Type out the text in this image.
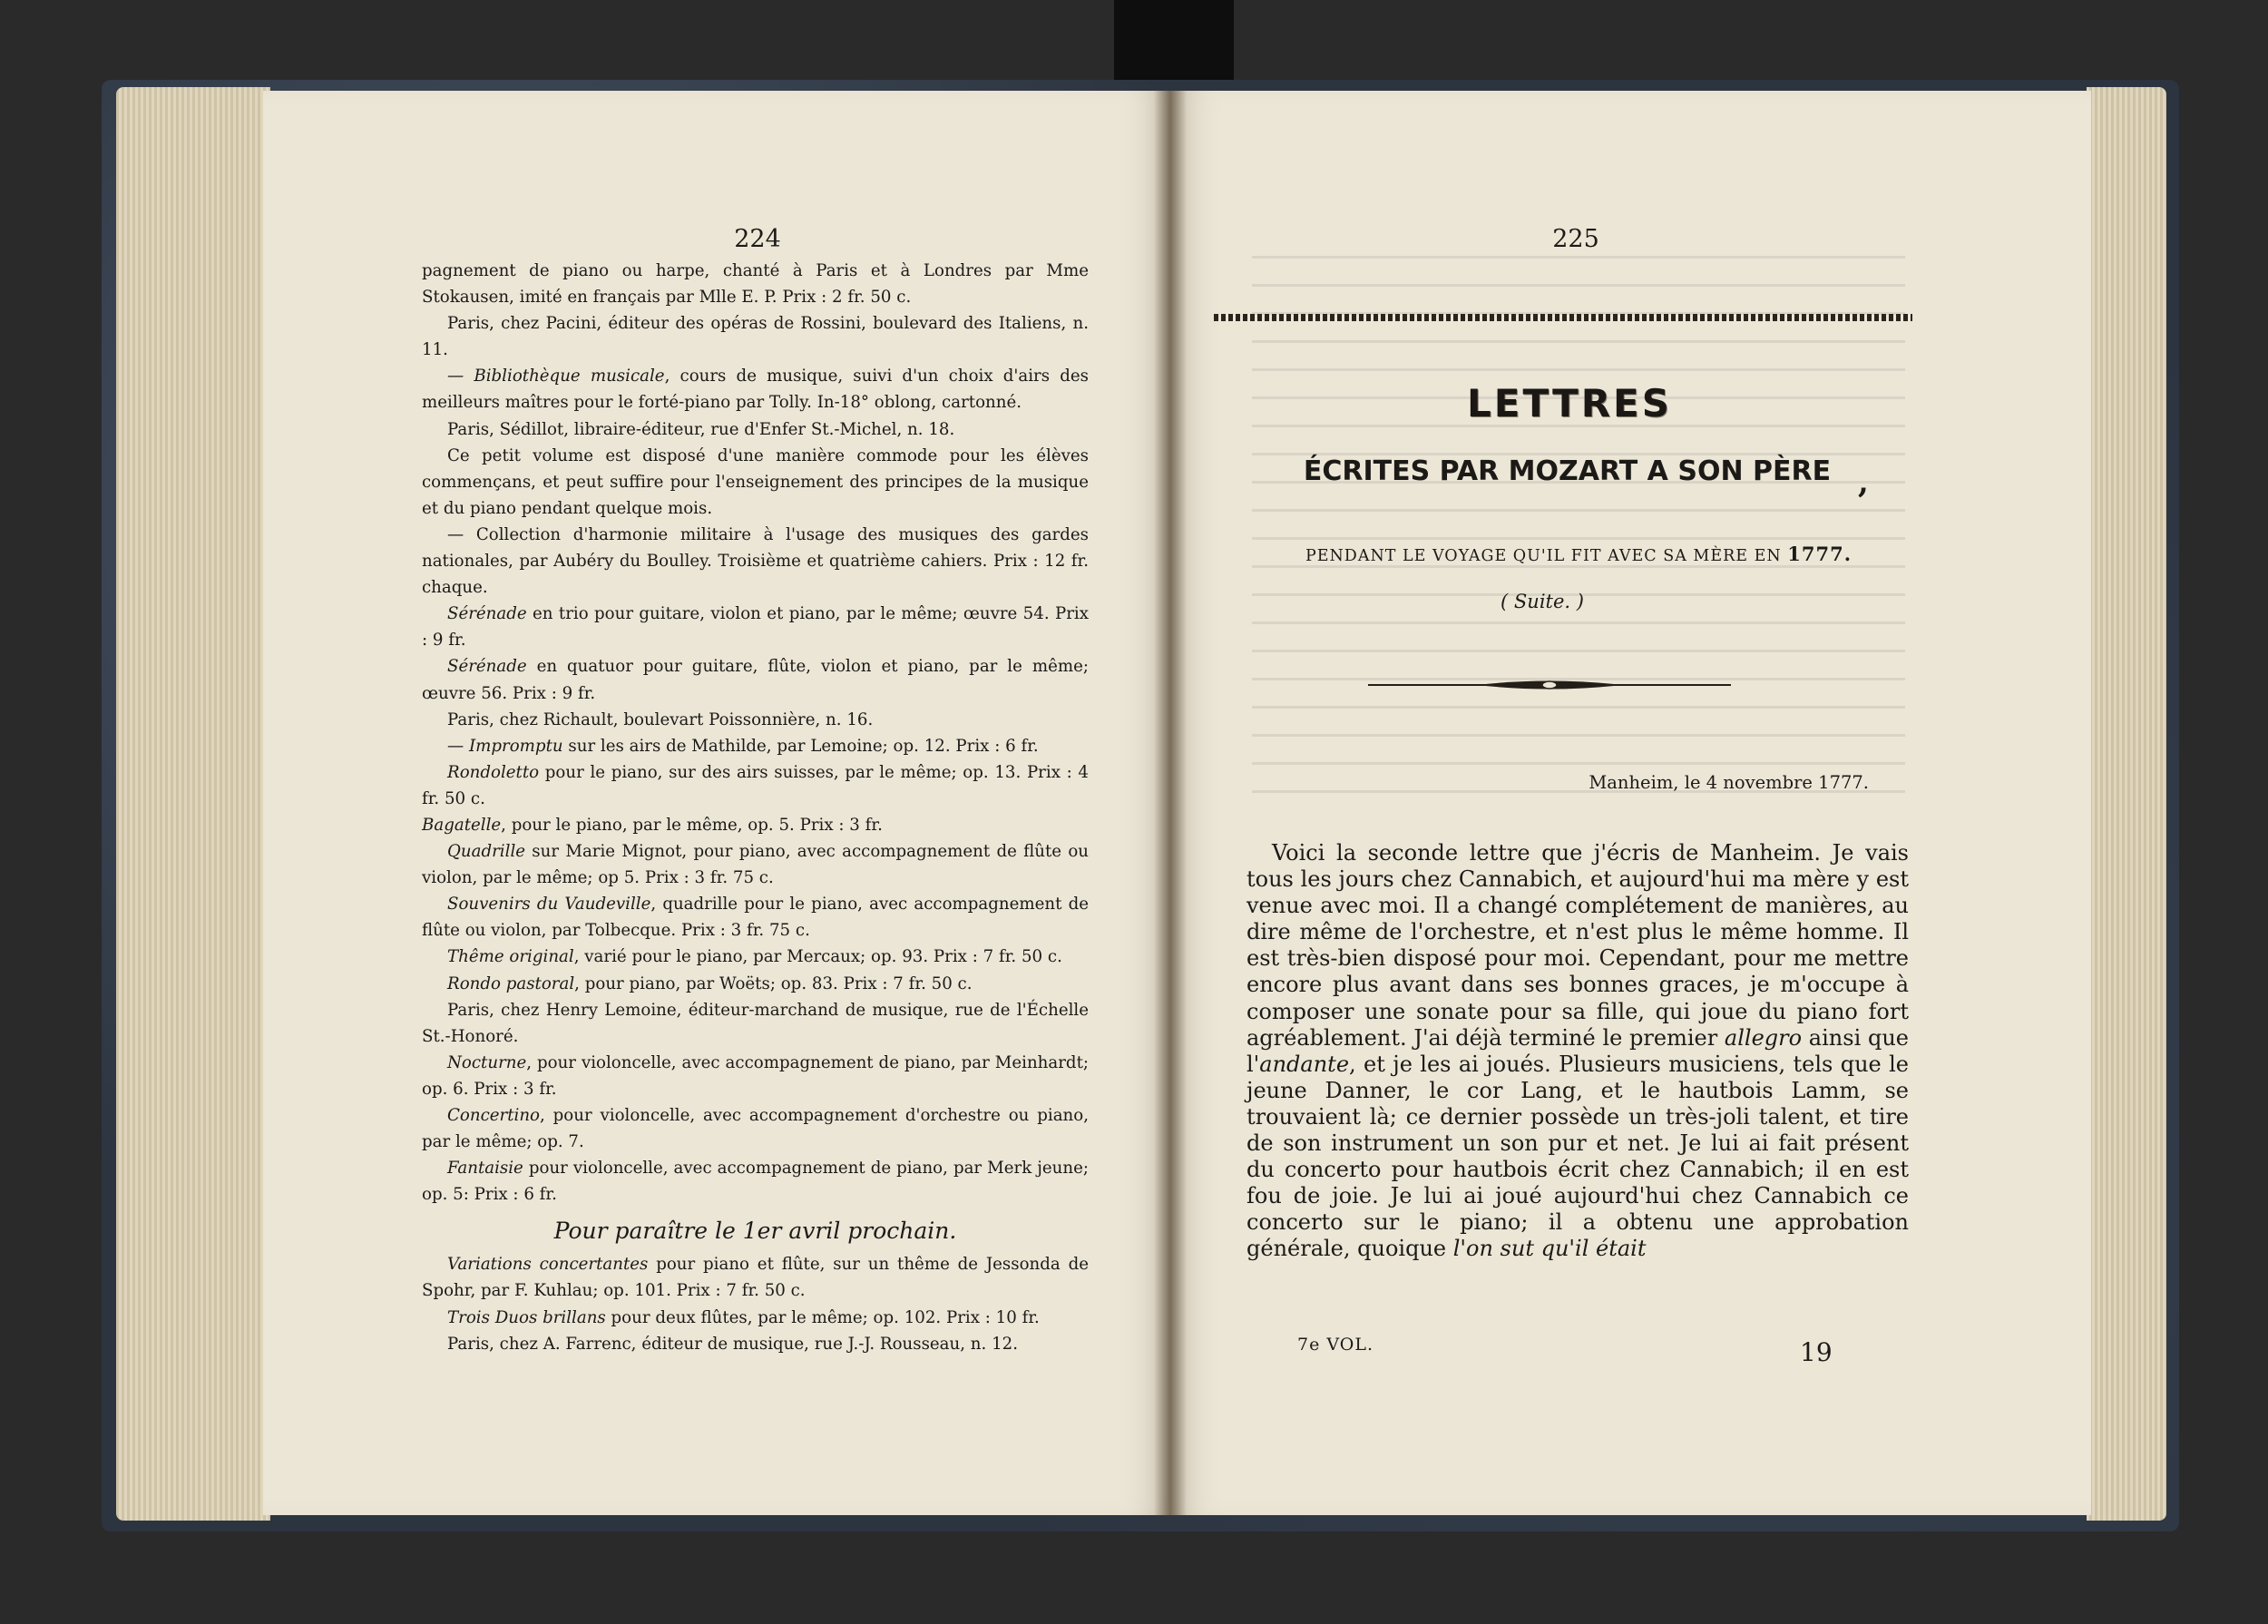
224	225

pagnement de piano ou harpe, chanté à Paris et à Londres par Mme Stokausen, imité en français par Mlle E. P. Prix : 2 fr. 50 c.

Paris, chez Pacini, éditeur des opéras de Rossini, boulevard des Italiens, n. 11.

— Bibliothèque musicale, cours de musique, suivi d'un choix d'airs des meilleurs maîtres pour le forté-piano par Tolly. In-18° oblong, cartonné.

Paris, Sédillot, libraire-éditeur, rue d'Enfer St.-Michel, n. 18.

Ce petit volume est disposé d'une manière commode pour les élèves commençans, et peut suffire pour l'enseignement des principes de la musique et du piano pendant quelque mois.

— Collection d'harmonie militaire à l'usage des musiques des gardes nationales, par Aubéry du Boulley. Troisième et quatrième cahiers. Prix : 12 fr. chaque.

Sérénade en trio pour guitare, violon et piano, par le même; œuvre 54. Prix : 9 fr.

Sérénade en quatuor pour guitare, flûte, violon et piano, par le même; œuvre 56. Prix : 9 fr.

Paris, chez Richault, boulevart Poissonnière, n. 16.

— Impromptu sur les airs de Mathilde, par Lemoine; op. 12. Prix : 6 fr.

Rondoletto pour le piano, sur des airs suisses, par le même; op. 13. Prix : 4 fr. 50 c.

Bagatelle, pour le piano, par le même, op. 5. Prix : 3 fr.

Quadrille sur Marie Mignot, pour piano, avec accompagnement de flûte ou violon, par le même; op 5. Prix : 3 fr. 75 c.

Souvenirs du Vaudeville, quadrille pour le piano, avec accompagnement de flûte ou violon, par Tolbecque. Prix : 3 fr. 75 c.

Thême original, varié pour le piano, par Mercaux; op. 93. Prix : 7 fr. 50 c.

Rondo pastoral, pour piano, par Woëts; op. 83. Prix : 7 fr. 50 c.

Paris, chez Henry Lemoine, éditeur-marchand de musique, rue de l'Échelle St.-Honoré.

Nocturne, pour violoncelle, avec accompagnement de piano, par Meinhardt; op. 6. Prix : 3 fr.

Concertino, pour violoncelle, avec accompagnement d'orchestre ou piano, par le même; op. 7.

Fantaisie pour violoncelle, avec accompagnement de piano, par Merk jeune; op. 5: Prix : 6 fr.

Pour paraître le 1er avril prochain.

Variations concertantes pour piano et flûte, sur un thême de Jessonda de Spohr, par F. Kuhlau; op. 101. Prix : 7 fr. 50 c.

Trois Duos brillans pour deux flûtes, par le même; op. 102. Prix : 10 fr.

Paris, chez A. Farrenc, éditeur de musique, rue J.-J. Rousseau, n. 12.

LETTRES
ÉCRITES PAR MOZART A SON PÈRE ,
PENDANT LE VOYAGE QU'IL FIT AVEC SA MÈRE EN 1777.
( Suite. )
Manheim, le 4 novembre 1777.

Voici la seconde lettre que j'écris de Manheim. Je vais tous les jours chez Cannabich, et aujourd'hui ma mère y est venue avec moi. Il a changé complétement de manières, au dire même de l'orchestre, et n'est plus le même homme. Il est très-bien disposé pour moi. Cependant, pour me mettre encore plus avant dans ses bonnes graces, je m'occupe à composer une sonate pour sa fille, qui joue du piano fort agréablement. J'ai déjà terminé le premier allegro ainsi que l'andante, et je les ai joués. Plusieurs musiciens, tels que le jeune Danner, le cor Lang, et le hautbois Lamm, se trouvaient là; ce dernier possède un très-joli talent, et tire de son instrument un son pur et net. Je lui ai fait présent du concerto pour hautbois écrit chez Cannabich; il en est fou de joie. Je lui ai joué aujourd'hui chez Cannabich ce concerto sur le piano; il a obtenu une approbation générale, quoique l'on sut qu'il était

7e VOL.	19
